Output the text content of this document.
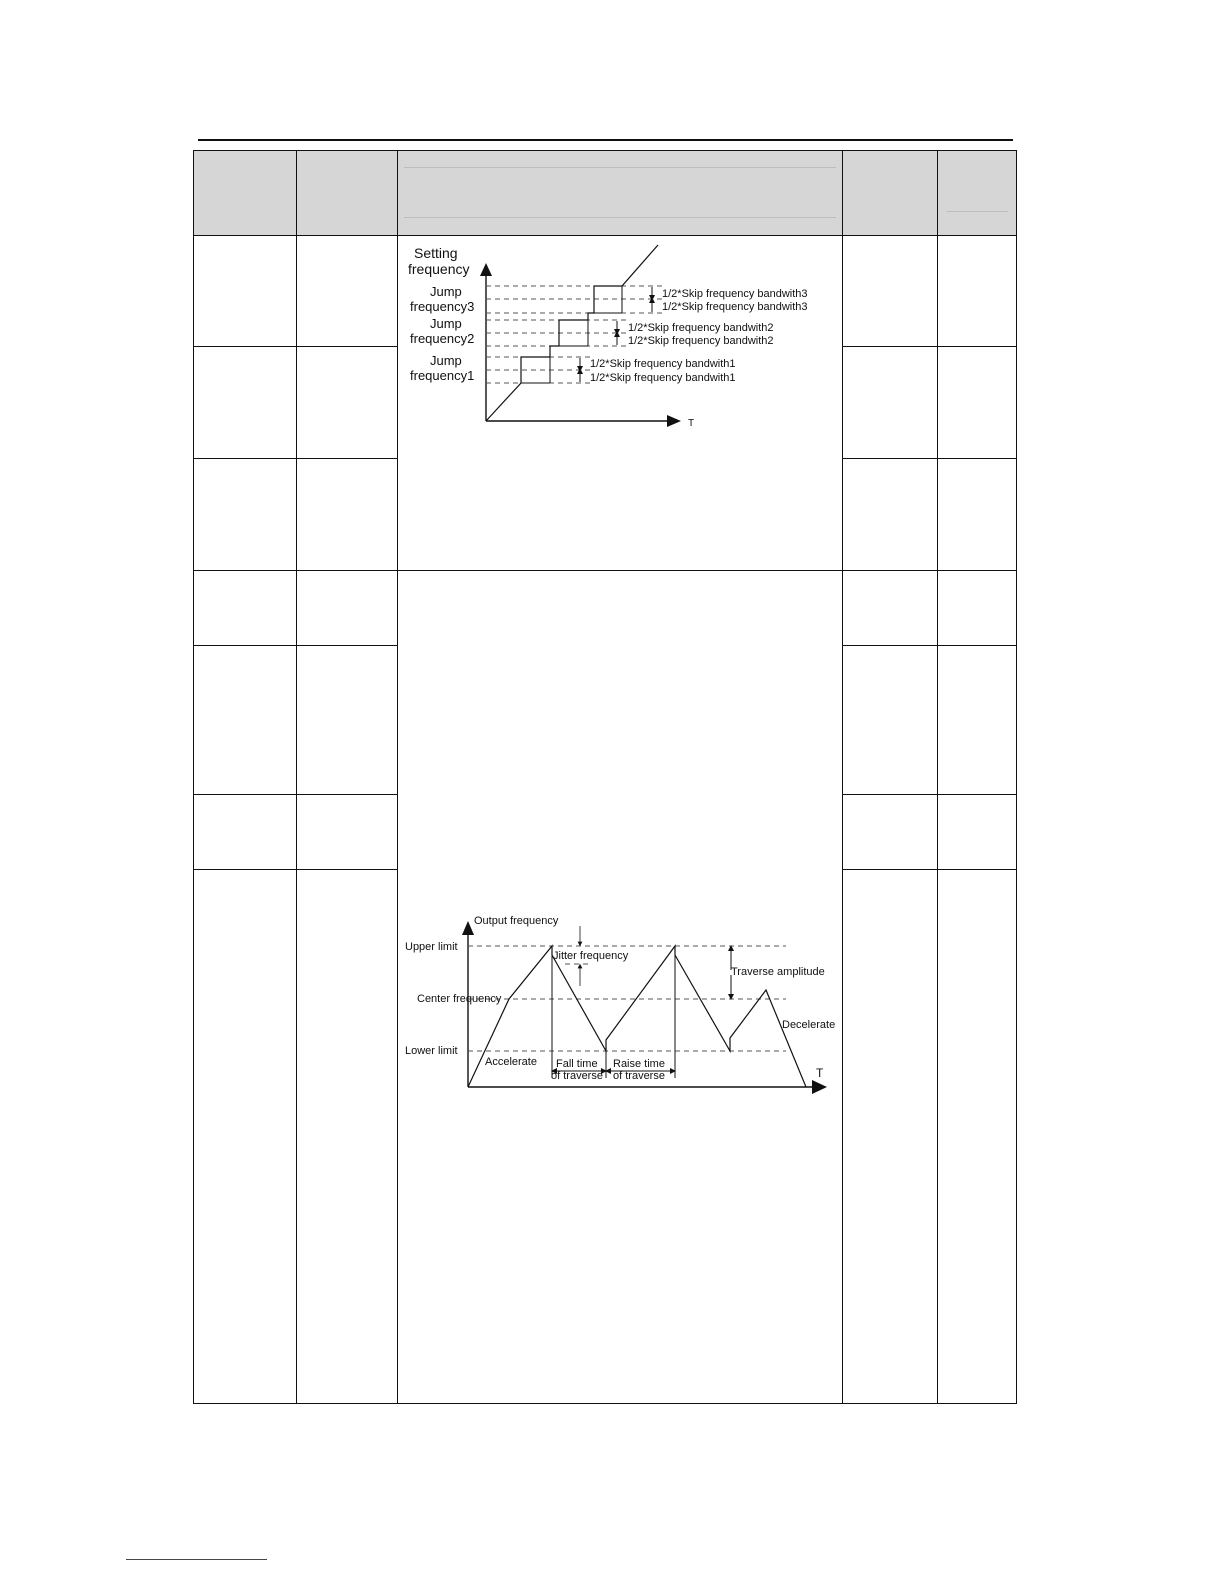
Setting
frequency
T
Jump
frequency3
Jump
frequency2
Jump
frequency1
1/2*Skip frequency bandwith3
1/2*Skip frequency bandwith3
1/2*Skip frequency bandwith2
1/2*Skip frequency bandwith2
1/2*Skip frequency bandwith1
1/2*Skip frequency bandwith1
Output frequency
T
Upper limit
Center frequency
Lower limit
Jitter frequency
Traverse amplitude
Decelerate
Accelerate Fall time
of traverse
Raise time
of traverse
